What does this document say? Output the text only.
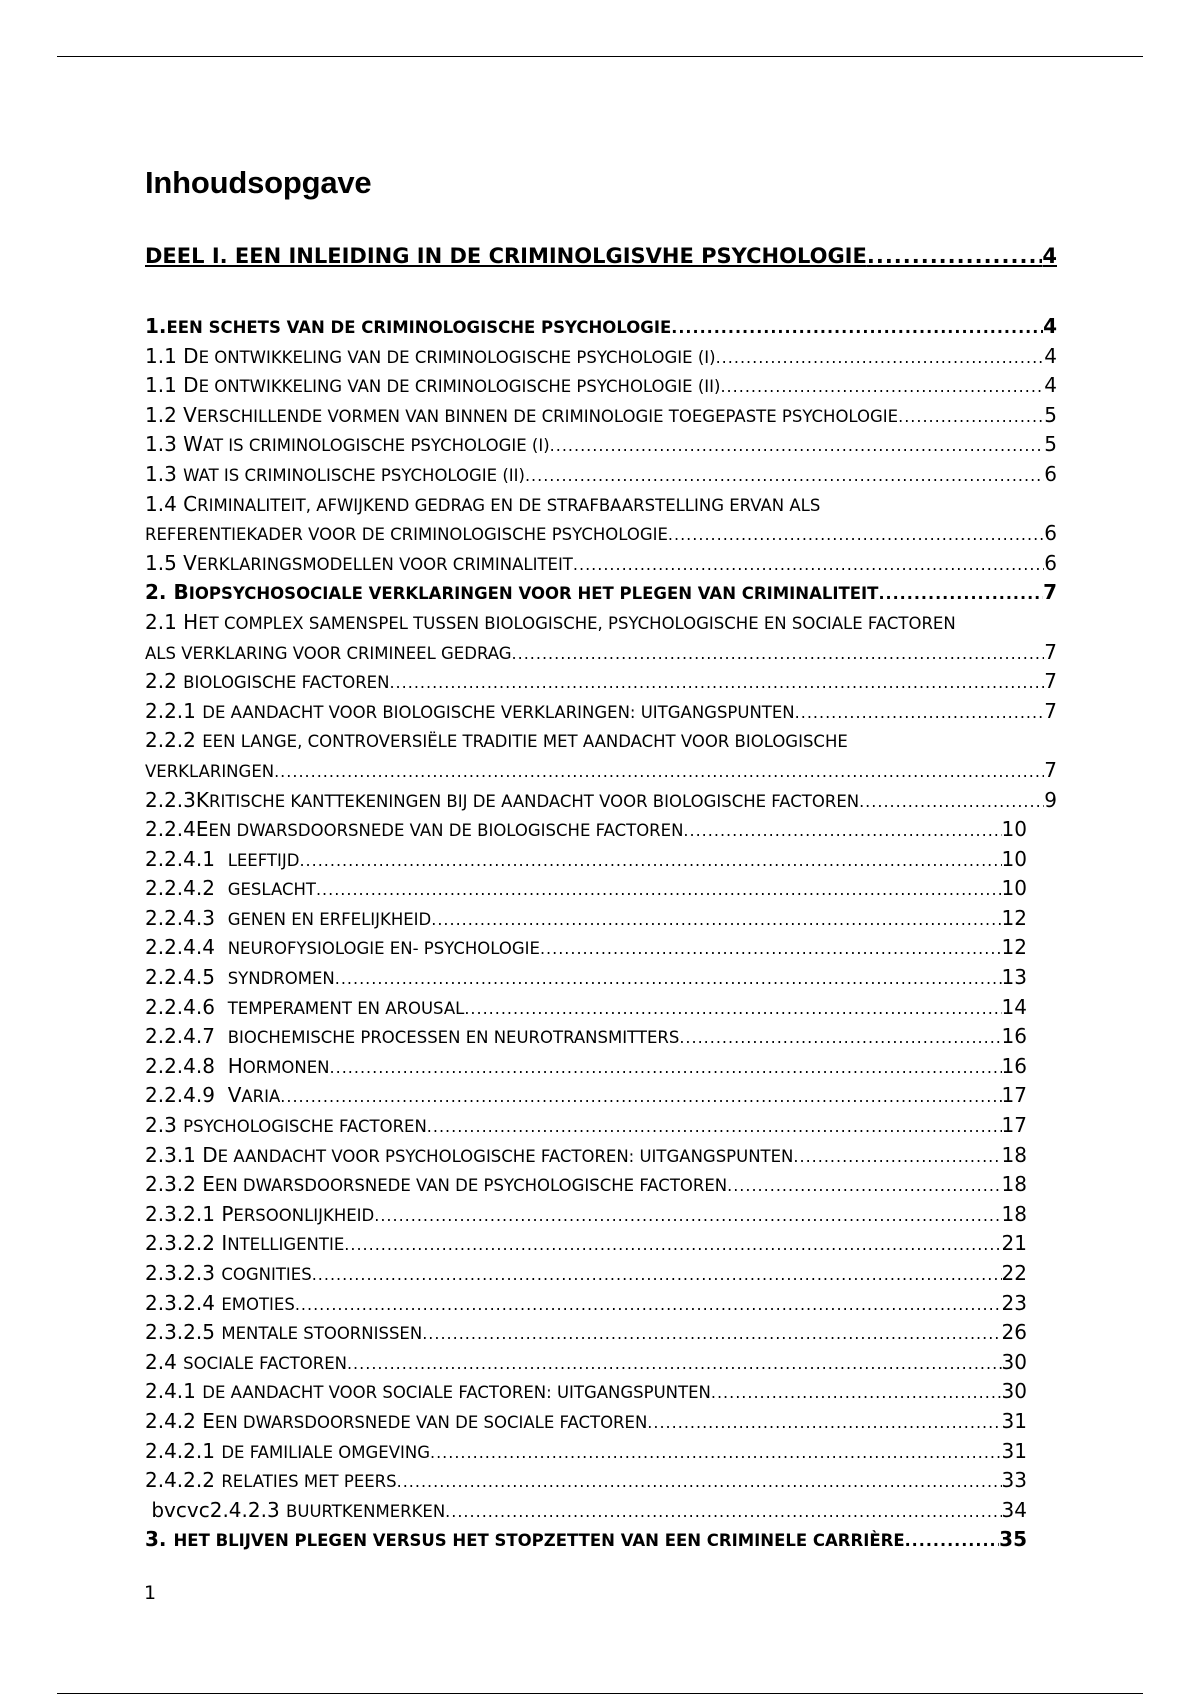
Inhoudsopgave
DEEL I. EEN INLEIDING IN DE CRIMINOLGISVHE PSYCHOLOGIE .....	4
1.EEN SCHETS VAN DE CRIMINOLOGISCHE PSYCHOLOGIE .....	4
1.1 DE ONTWIKKELING VAN DE CRIMINOLOGISCHE PSYCHOLOGIE (I) .....	4
1.1 DE ONTWIKKELING VAN DE CRIMINOLOGISCHE PSYCHOLOGIE (II) .....	4
1.2 VERSCHILLENDE VORMEN VAN BINNEN DE CRIMINOLOGIE TOEGEPASTE PSYCHOLOGIE .....	5
1.3 WAT IS CRIMINOLOGISCHE PSYCHOLOGIE (I) .....	5
1.3 WAT IS CRIMINOLISCHE PSYCHOLOGIE (II) .....	6
1.4 CRIMINALITEIT, AFWIJKEND GEDRAG EN DE STRAFBAARSTELLING ERVAN ALS
REFERENTIEKADER VOOR DE CRIMINOLOGISCHE PSYCHOLOGIE .....	6
1.5 VERKLARINGSMODELLEN VOOR CRIMINALITEIT .....	6
2. BIOPSYCHOSOCIALE VERKLARINGEN VOOR HET PLEGEN VAN CRIMINALITEIT .....	7
2.1 HET COMPLEX SAMENSPEL TUSSEN BIOLOGISCHE, PSYCHOLOGISCHE EN SOCIALE FACTOREN
ALS VERKLARING VOOR CRIMINEEL GEDRAG .....	7
2.2 BIOLOGISCHE FACTOREN .....	7
2.2.1 DE AANDACHT VOOR BIOLOGISCHE VERKLARINGEN: UITGANGSPUNTEN .....	7
2.2.2 EEN LANGE, CONTROVERSIËLE TRADITIE MET AANDACHT VOOR BIOLOGISCHE
VERKLARINGEN .....	7
2.2.3KRITISCHE KANTTEKENINGEN BIJ DE AANDACHT VOOR BIOLOGISCHE FACTOREN .....	9
2.2.4EEN DWARSDOORSNEDE VAN DE BIOLOGISCHE FACTOREN .....	10
2.2.4.1  LEEFTIJD .....	10
2.2.4.2  GESLACHT .....	10
2.2.4.3  GENEN EN ERFELIJKHEID .....	12
2.2.4.4  NEUROFYSIOLOGIE EN- PSYCHOLOGIE .....	12
2.2.4.5  SYNDROMEN .....	13
2.2.4.6  TEMPERAMENT EN AROUSAL .....	14
2.2.4.7  BIOCHEMISCHE PROCESSEN EN NEUROTRANSMITTERS .....	16
2.2.4.8  HORMONEN .....	16
2.2.4.9  VARIA .....	17
2.3 PSYCHOLOGISCHE FACTOREN .....	17
2.3.1 DE AANDACHT VOOR PSYCHOLOGISCHE FACTOREN: UITGANGSPUNTEN .....	18
2.3.2 EEN DWARSDOORSNEDE VAN DE PSYCHOLOGISCHE FACTOREN .....	18
2.3.2.1 PERSOONLIJKHEID .....	18
2.3.2.2 INTELLIGENTIE .....	21
2.3.2.3 COGNITIES .....	22
2.3.2.4 EMOTIES .....	23
2.3.2.5 MENTALE STOORNISSEN .....	26
2.4 SOCIALE FACTOREN .....	30
2.4.1 DE AANDACHT VOOR SOCIALE FACTOREN: UITGANGSPUNTEN .....	30
2.4.2 EEN DWARSDOORSNEDE VAN DE SOCIALE FACTOREN .....	31
2.4.2.1 DE FAMILIALE OMGEVING .....	31
2.4.2.2 RELATIES MET PEERS .....	33
bvcvc2.4.2.3 BUURTKENMERKEN .....	34
3. HET BLIJVEN PLEGEN VERSUS HET STOPZETTEN VAN EEN CRIMINELE CARRIÈRE .....	35
1
